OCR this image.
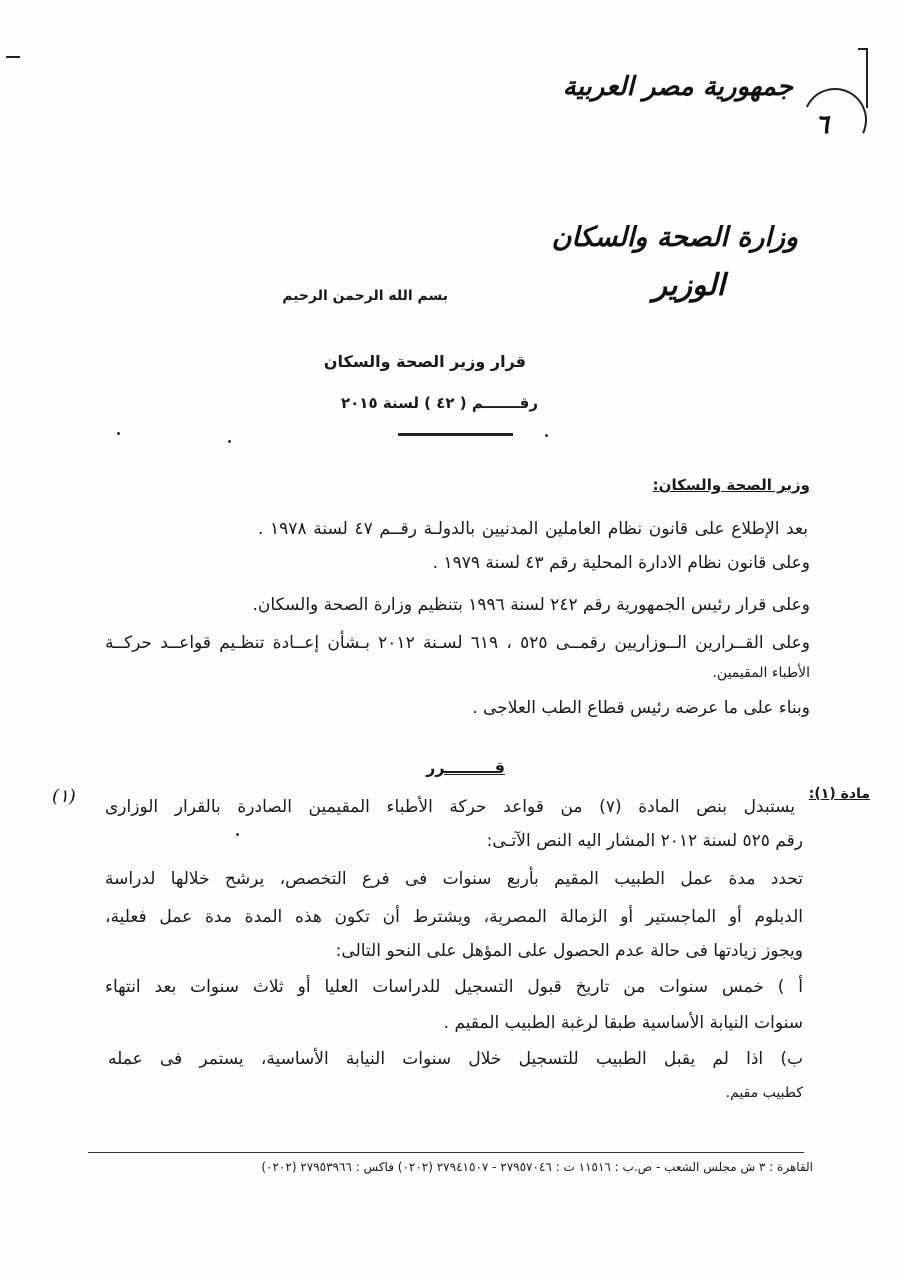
جمهورية مصر العربية
٦
وزارة الصحة والسكان
الوزير
بسم الله الرحمن الرحيم
قرار وزير الصحة والسكان
رقـــــــم ( ٤٢ ) لسنة ٢٠١٥
وزير الصحة والسكان:
بعد الإطلاع على قانون نظام العاملين المدنيين بالدولـة رقــم ٤٧ لسنة ١٩٧٨ .
وعلى قانون نظام الادارة المحلية رقم ٤٣ لسنة ١٩٧٩ .
وعلى قرار رئيس الجمهورية رقم ٢٤٢ لسنة ١٩٩٦ بتنظيم وزارة الصحة والسكان.
وعلى القــرارين الــوزاريين رقمــى ٥٢٥ ، ٦١٩ لسـنة ٢٠١٢ بـشأن إعــادة تنظـيم قواعــد حركــة
الأطباء المقيمين.
وبناء على ما عرضه رئيس قطاع الطب العلاجى .
قـــــــــرر
مادة (١):
(١) يستبدل بنص المادة (٧) من قواعد حركة الأطباء المقيمين الصادرة بالقرار الوزارى
رقم ٥٢٥ لسنة ٢٠١٢ المشار اليه النص الآتـى:
تحدد مدة عمل الطبيب المقيم بأربع سنوات فى فرع التخصص، يرشح خلالها لدراسة
الدبلوم أو الماجستير أو الزمالة المصرية، ويشترط أن تكون هذه المدة مدة عمل فعلية،
ويجوز زيادتها فى حالة عدم الحصول على المؤهل على النحو التالى:
أ ) خمس سنوات من تاريخ قبول التسجيل للدراسات العليا أو ثلاث سنوات بعد انتهاء
سنوات النيابة الأساسية طبقا لرغبة الطبيب المقيم .
ب) اذا لم يقبل الطبيب للتسجيل خلال سنوات النيابة الأساسية، يستمر فى عمله
كطبيب مقيم.
القاهرة : ٣ ش مجلس الشعب - ص.ب : ١١٥١٦ ت : ٢٧٩٥٧٠٤٦ - ٢٧٩٤١٥٠٧ (٠٢٠٢) فاكس : ٢٧٩٥٣٩٦٦ (٠٢٠٢)
